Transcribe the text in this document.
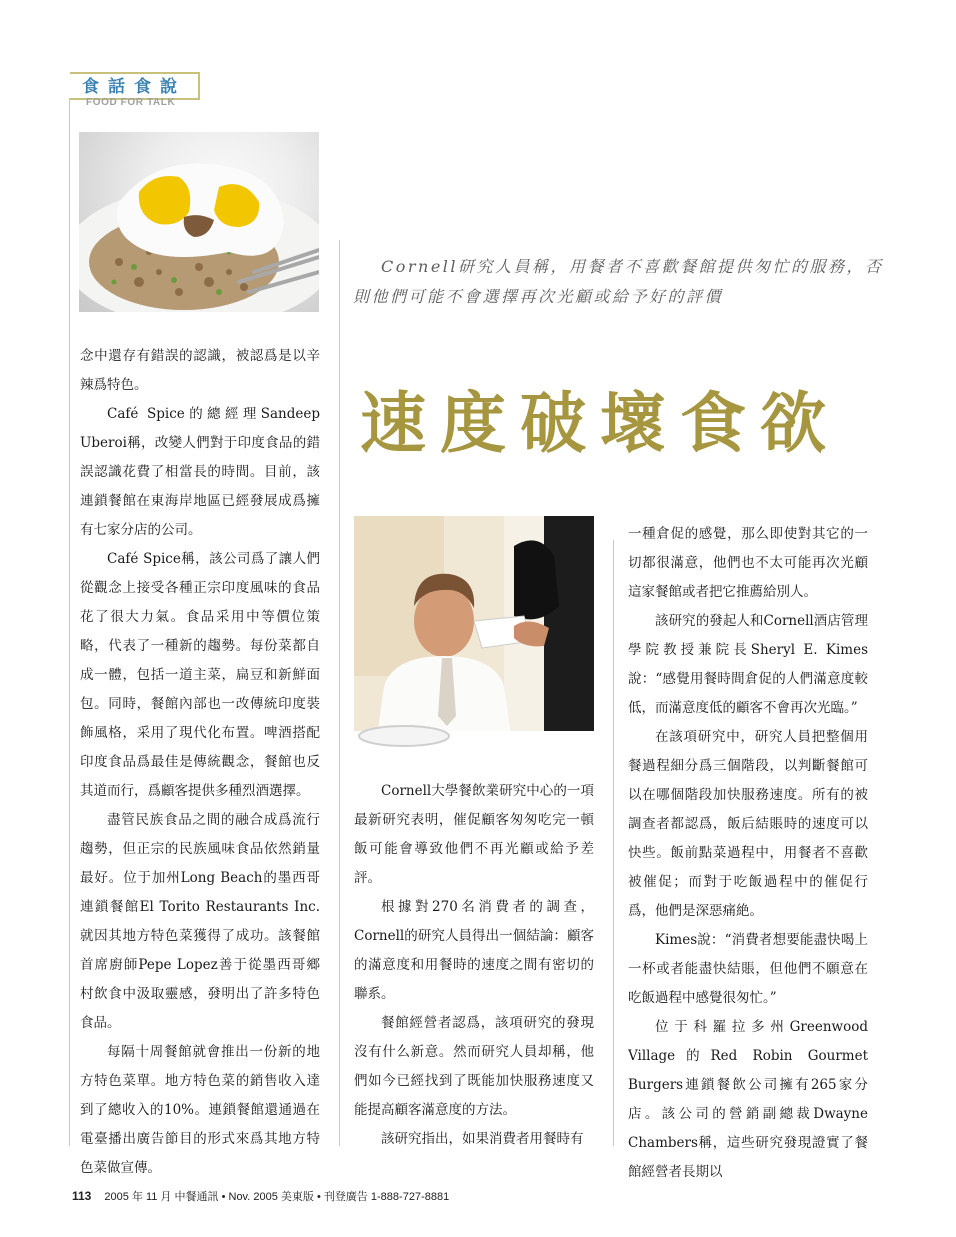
食話食說
FOOD FOR TALK
Cornell研究人員稱，用餐者不喜歡餐館提供匆忙的服務，否則他們可能不會選擇再次光顧或給予好的評價
速度破壞食欲

念中還存有錯誤的認識，被認爲是以辛辣爲特色。

Café Spice的總經理Sandeep Uberoi稱，改變人們對于印度食品的錯誤認識花費了相當長的時間。目前，該連鎖餐館在東海岸地區已經發展成爲擁有七家分店的公司。

Café Spice稱，該公司爲了讓人們從觀念上接受各種正宗印度風味的食品花了很大力氣。食品采用中等價位策略，代表了一種新的趨勢。每份菜都自成一體，包括一道主菜，扁豆和新鮮面包。同時，餐館內部也一改傳統印度裝飾風格，采用了現代化布置。啤酒搭配印度食品爲最佳是傳統觀念，餐館也反其道而行，爲顧客提供多種烈酒選擇。

盡管民族食品之間的融合成爲流行趨勢，但正宗的民族風味食品依然銷量最好。位于加州Long Beach的墨西哥連鎖餐館El Torito Restaurants Inc.就因其地方特色菜獲得了成功。該餐館首席廚師Pepe Lopez善于從墨西哥鄉村飲食中汲取靈感，發明出了許多特色食品。

每隔十周餐館就會推出一份新的地方特色菜單。地方特色菜的銷售收入達到了總收入的10%。連鎖餐館還通過在電臺播出廣告節目的形式來爲其地方特色菜做宣傳。

Cornell大學餐飲業研究中心的一項最新研究表明，催促顧客匆匆吃完一頓飯可能會導致他們不再光顧或給予差評。

根據對270名消費者的調查，Cornell的研究人員得出一個結論：顧客的滿意度和用餐時的速度之間有密切的聯系。

餐館經營者認爲，該項研究的發現沒有什么新意。然而研究人員却稱，他們如今已經找到了既能加快服務速度又能提高顧客滿意度的方法。

該研究指出，如果消費者用餐時有

一種倉促的感覺，那么即使對其它的一切都很滿意，他們也不太可能再次光顧這家餐館或者把它推薦給別人。

該研究的發起人和Cornell酒店管理學院教授兼院長Sheryl E. Kimes說：“感覺用餐時間倉促的人們滿意度較低，而滿意度低的顧客不會再次光臨。”

在該項研究中，研究人員把整個用餐過程細分爲三個階段，以判斷餐館可以在哪個階段加快服務速度。所有的被調查者都認爲，飯后結賬時的速度可以快些。飯前點菜過程中，用餐者不喜歡被催促；而對于吃飯過程中的催促行爲，他們是深惡痛絶。

Kimes說：“消費者想要能盡快喝上一杯或者能盡快結賬，但他們不願意在吃飯過程中感覺很匆忙。”

位于科羅拉多州Greenwood Village的Red Robin Gourmet Burgers連鎖餐飲公司擁有265家分店。該公司的營銷副總裁Dwayne Chambers稱，這些研究發現證實了餐館經營者長期以

113 2005 年 11 月 中餐通訊 • Nov. 2005 美東版 • 刊登廣告 1-888-727-8881
